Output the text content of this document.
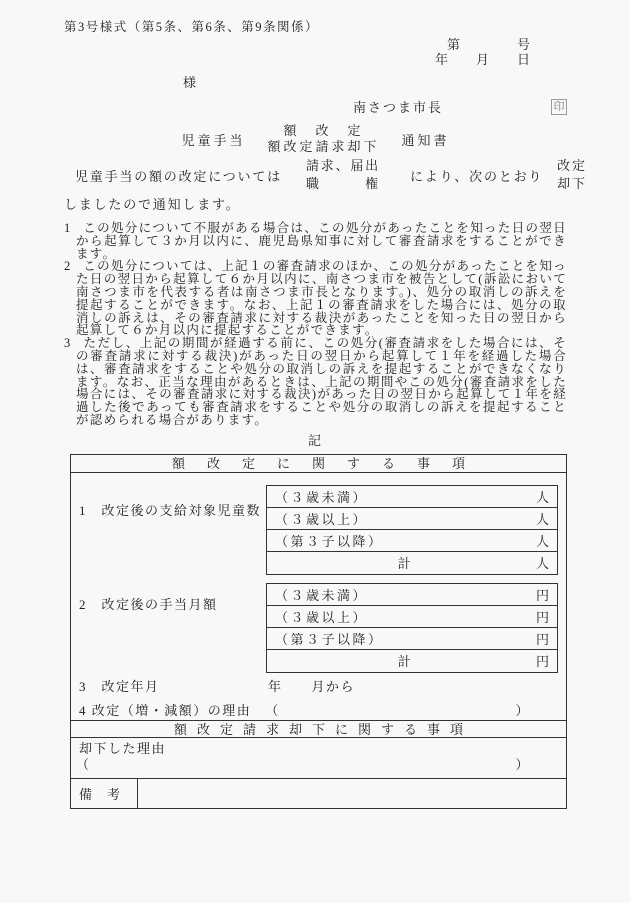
第3号様式（第5条、第6条、第9条関係）
第	号
年 月 日
様
南さつま市長	印
児童手当
額　改　定
額改定請求却下 通知書
児童手当の額の改定については
請求、届出
職　　　権 により、次のとおり
改定
却下
しましたので通知します。
1 この処分について不服がある場合は、この処分があったことを知った日の翌日から起算して３か月以内に、鹿児島県知事に対して審査請求をすることができます。
2 この処分については、上記１の審査請求のほか、この処分があったことを知った日の翌日から起算して６か月以内に、南さつま市を被告として(訴訟において南さつま市を代表する者は南さつま市長となります。)、処分の取消しの訴えを提起することができます。なお、上記１の審査請求をした場合には、処分の取消しの訴えは、その審査請求に対する裁決があったことを知った日の翌日から起算して６か月以内に提起することができます。
3 ただし、上記の期間が経過する前に、この処分(審査請求をした場合には、その審査請求に対する裁決)があった日の翌日から起算して１年を経過した場合は、審査請求をすることや処分の取消しの訴えを提起することができなくなります。なお、正当な理由があるときは、上記の期間やこの処分(審査請求をした場合には、その審査請求に対する裁決)があった日の翌日から起算して１年を経過した後であっても審査請求をすることや処分の取消しの訴えを提起することが認められる場合があります。
記
額改定に関する事項
1　改定後の支給対象児童数
（３歳未満）	人
（３歳以上）	人
（第３子以降）	人
計	人
2　改定後の手当月額
（３歳未満）	円
（３歳以上）	円
（第３子以降）	円
計	円
3　改定年月	年　　月から
4 改定（増・減額）の理由 （	）
額改定請求却下に関する事項
却下した理由
（	）
備　考
